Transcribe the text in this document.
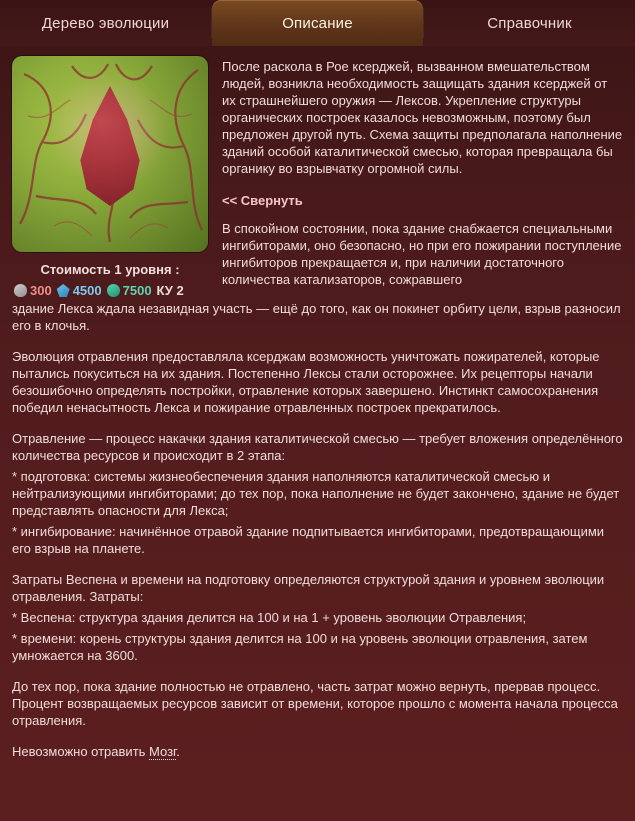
Дерево эволюции	Описание	Справочник
Стоимость 1 уровня :
300 4500 7500 КУ 2

После раскола в Рое ксерджей, вызванном вмешательством людей, возникла необходимость защищать здания ксерджей от их страшнейшего оружия — Лексов. Укрепление структуры органических построек казалось невозможным, поэтому был предложен другой путь. Схема защиты предполагала наполнение зданий особой каталитической смесью, которая превращала бы органику во взрывчатку огромной силы.

<< Свернуть

В спокойном состоянии, пока здание снабжается специальными ингибиторами, оно безопасно, но при его пожирании поступление ингибиторов прекращается и, при наличии достаточного количества катализаторов, сожравшего

здание Лекса ждала незавидная участь — ещё до того, как он покинет орбиту цели, взрыв разносил его в клочья.

Эволюция отравления предоставляла ксерджам возможность уничтожать пожирателей, которые пытались покуситься на их здания. Постепенно Лексы стали осторожнее. Их рецепторы начали безошибочно определять постройки, отравление которых завершено. Инстинкт самосохранения победил ненасытность Лекса и пожирание отравленных построек прекратилось.

Отравление — процесс накачки здания каталитической смесью — требует вложения определённого количества ресурсов и происходит в 2 этапа:

* подготовка: системы жизнеобеспечения здания наполняются каталитической смесью и нейтрализующими ингибиторами; до тех пор, пока наполнение не будет закончено, здание не будет представлять опасности для Лекса;

* ингибирование: начинённое отравой здание подпитывается ингибиторами, предотвращающими его взрыв на планете.

Затраты Веспена и времени на подготовку определяются структурой здания и уровнем эволюции отравления. Затраты:

* Веспена: структура здания делится на 100 и на 1 + уровень эволюции Отравления;

* времени: корень структуры здания делится на 100 и на уровень эволюции отравления, затем умножается на 3600.

До тех пор, пока здание полностью не отравлено, часть затрат можно вернуть, прервав процесс. Процент возвращаемых ресурсов зависит от времени, которое прошло с момента начала процесса отравления.

Невозможно отравить Мозг.
